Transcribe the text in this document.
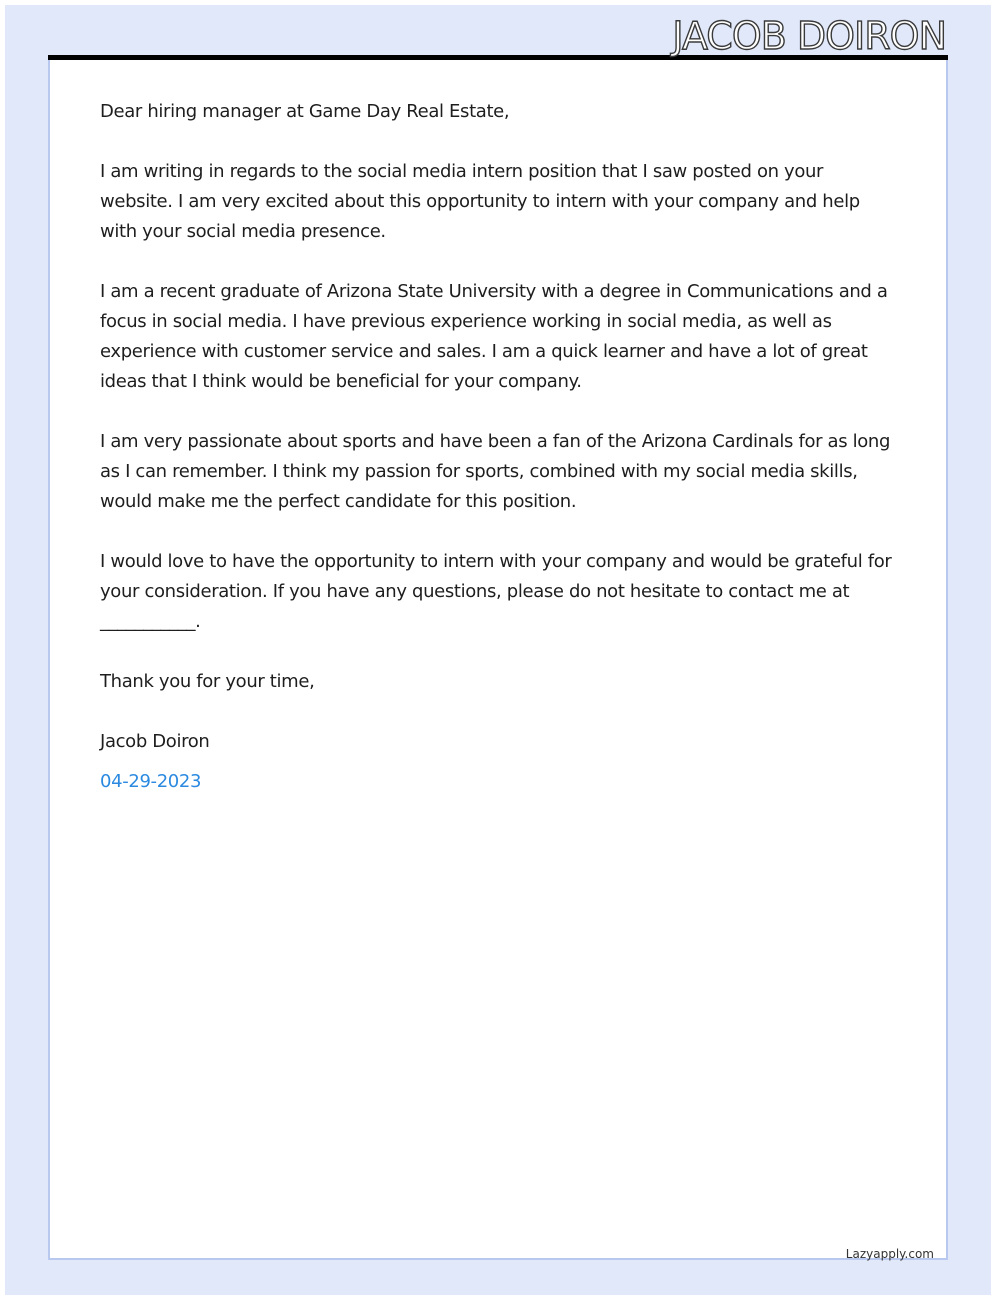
JACOB DOIRON

Dear hiring manager at Game Day Real Estate,

I am writing in regards to the social media intern position that I saw posted on your website. I am very excited about this opportunity to intern with your company and help with your social media presence.

I am a recent graduate of Arizona State University with a degree in Communications and a focus in social media. I have previous experience working in social media, as well as experience with customer service and sales. I am a quick learner and have a lot of great ideas that I think would be beneficial for your company.

I am very passionate about sports and have been a fan of the Arizona Cardinals for as long as I can remember. I think my passion for sports, combined with my social media skills, would make me the perfect candidate for this position.

I would love to have the opportunity to intern with your company and would be grateful for your consideration. If you have any questions, please do not hesitate to contact me at ___________.

Thank you for your time,

Jacob Doiron

04-29-2023

Lazyapply.com
